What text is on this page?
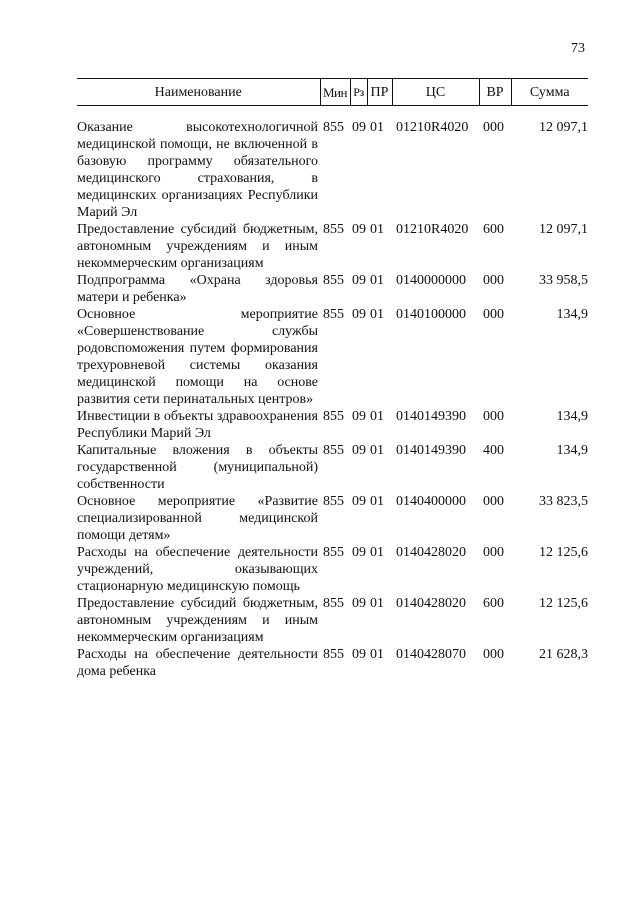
73
Наименование	Мин	Рз	ПР	ЦС	ВР	Сумма

Оказание высокотехнологичной медицинской помощи, не включенной в базовую программу обязательного медицинского страхования, в медицинских организациях Республики Марий Эл	855	09	01	01210R4020	000	12 097,1
Предоставление субсидий бюджетным, автономным учреждениям и иным некоммерческим организациям	855	09	01	01210R4020	600	12 097,1
Подпрограмма «Охрана здоровья матери и ребенка»	855	09	01	0140000000	000	33 958,5
Основное мероприятие «Совершенствование службы родовспоможения путем формирования трехуровневой системы оказания медицинской помощи на основе развития сети перинатальных центров»	855	09	01	0140100000	000	134,9
Инвестиции в объекты здравоохранения Республики Марий Эл	855	09	01	0140149390	000	134,9
Капитальные вложения в объекты государственной (муниципальной) собственности	855	09	01	0140149390	400	134,9
Основное мероприятие «Развитие специализированной медицинской помощи детям»	855	09	01	0140400000	000	33 823,5
Расходы на обеспечение деятельности учреждений, оказывающих стационарную медицинскую помощь	855	09	01	0140428020	000	12 125,6
Предоставление субсидий бюджетным, автономным учреждениям и иным некоммерческим организациям	855	09	01	0140428020	600	12 125,6
Расходы на обеспечение деятельности дома ребенка	855	09	01	0140428070	000	21 628,3
